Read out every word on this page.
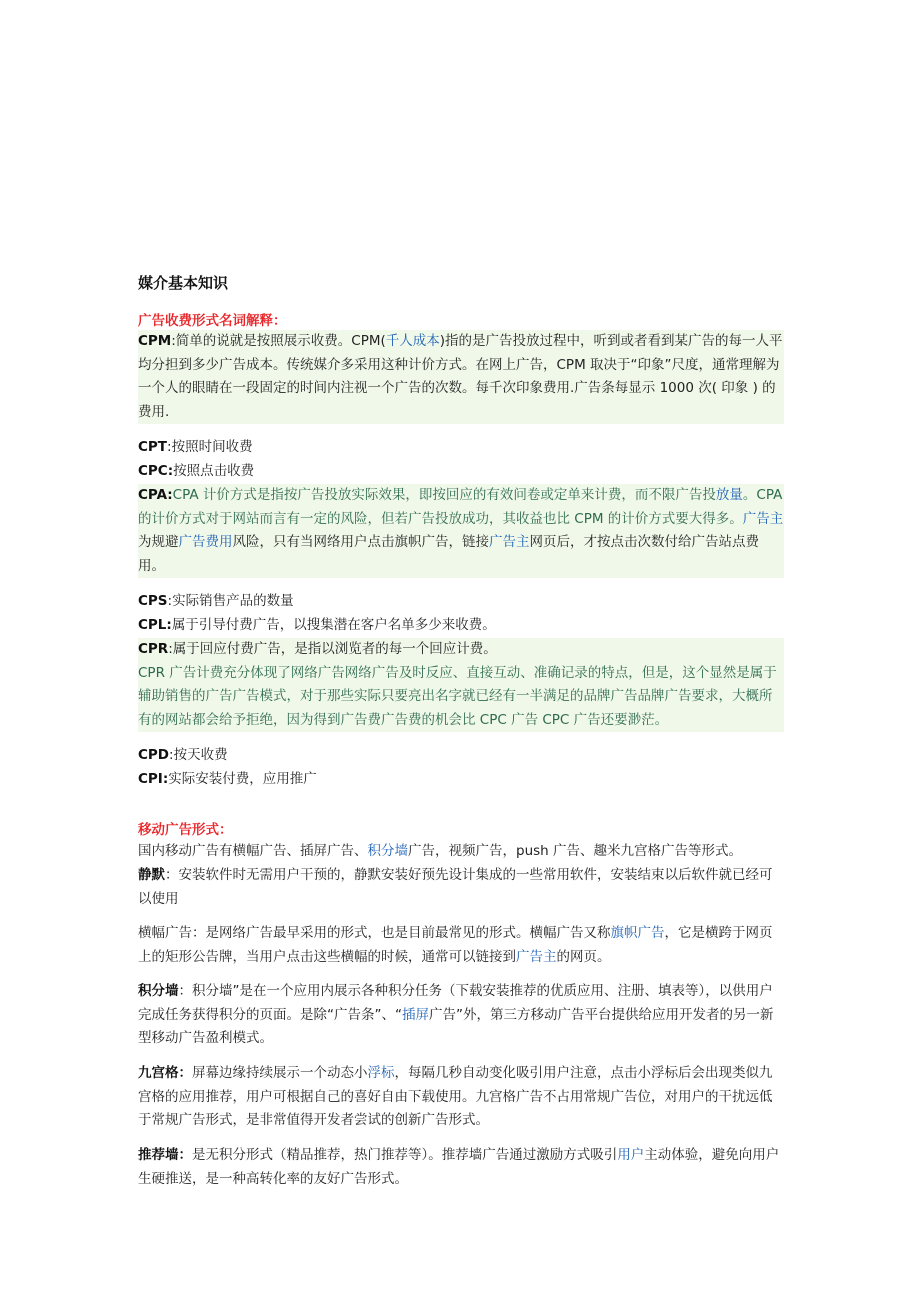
媒介基本知识
广告收费形式名词解释：
CPM:简单的说就是按照展示收费。CPM(千人成本)指的是广告投放过程中，听到或者看到某广告的每一人平均分担到多少广告成本。传统媒介多采用这种计价方式。在网上广告，CPM 取决于“印象”尺度，通常理解为一个人的眼睛在一段固定的时间内注视一个广告的次数。每千次印象费用.广告条每显示 1000 次( 印象 ) 的费用.
CPT:按照时间收费
CPC:按照点击收费
CPA:CPA 计价方式是指按广告投放实际效果，即按回应的有效问卷或定单来计费，而不限广告投放量。CPA 的计价方式对于网站而言有一定的风险，但若广告投放成功，其收益也比 CPM 的计价方式要大得多。广告主为规避广告费用风险，只有当网络用户点击旗帜广告，链接广告主网页后，才按点击次数付给广告站点费用。
CPS:实际销售产品的数量
CPL:属于引导付费广告，以搜集潜在客户名单多少来收费。

CPR:属于回应付费广告，是指以浏览者的每一个回应计费。

CPR 广告计费充分体现了网络广告网络广告及时反应、直接互动、准确记录的特点，但是，这个显然是属于辅助销售的广告广告模式，对于那些实际只要亮出名字就已经有一半满足的品牌广告品牌广告要求，大概所有的网站都会给予拒绝，因为得到广告费广告费的机会比 CPC 广告 CPC 广告还要渺茫。

CPD:按天收费
CPI:实际安装付费，应用推广
移动广告形式：
国内移动广告有横幅广告、插屏广告、积分墙广告，视频广告，push 广告、趣米九宫格广告等形式。
静默：安装软件时无需用户干预的，静默安装好预先设计集成的一些常用软件，安装结束以后软件就已经可以使用
横幅广告：是网络广告最早采用的形式，也是目前最常见的形式。横幅广告又称旗帜广告，它是横跨于网页上的矩形公告牌，当用户点击这些横幅的时候，通常可以链接到广告主的网页。
积分墙：积分墙”是在一个应用内展示各种积分任务（下载安装推荐的优质应用、注册、填表等），以供用户完成任务获得积分的页面。是除“广告条”、“插屏广告”外，第三方移动广告平台提供给应用开发者的另一新型移动广告盈利模式。
九宫格：屏幕边缘持续展示一个动态小浮标，每隔几秒自动变化吸引用户注意，点击小浮标后会出现类似九宫格的应用推荐，用户可根据自己的喜好自由下载使用。九宫格广告不占用常规广告位，对用户的干扰远低于常规广告形式，是非常值得开发者尝试的创新广告形式。
推荐墙：是无积分形式（精品推荐，热门推荐等）。推荐墙广告通过激励方式吸引用户主动体验，避免向用户生硬推送，是一种高转化率的友好广告形式。
